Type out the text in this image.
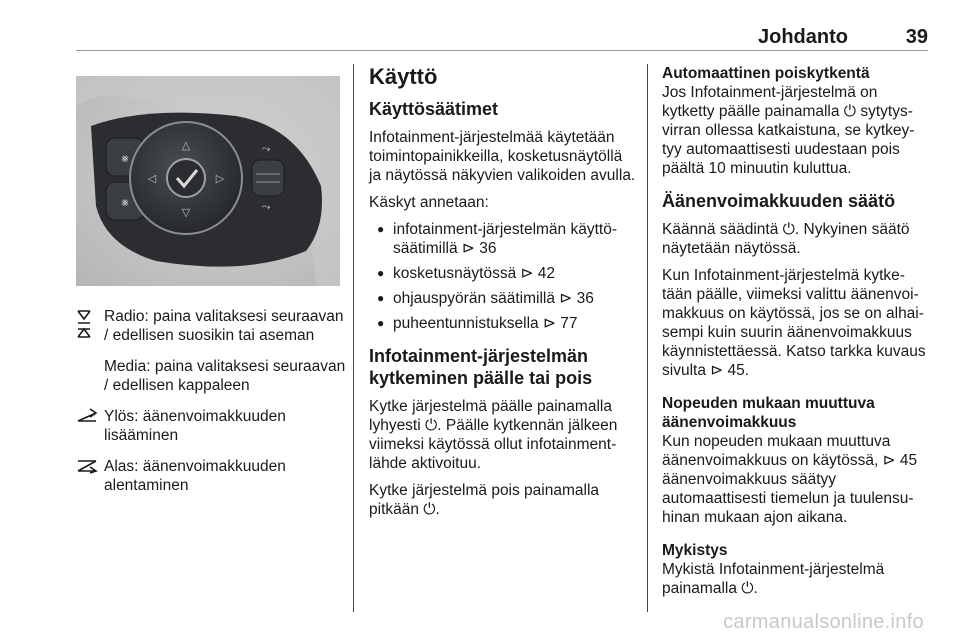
Johdanto	39
⨳
⨳
△
▽
◁	▷
⤳
⤳

Radio: paina valitaksesi seuraavan / edellisen suosikin tai aseman

Media: paina valitaksesi seuraavan / edellisen kappaleen

Ylös: äänenvoimakkuuden lisääminen

Alas: äänenvoimakkuuden alentaminen

Käyttö
Käyttösäätimet

Infotainment-järjestelmää käytetään toimintopainikkeilla, kosketusnäytöllä ja näytössä näkyvien valikoiden avulla.

Käskyt annetaan:

● infotainment-järjestelmän käyttö- säätimillä ⊳ 36
● kosketusnäytössä ⊳ 42
● ohjauspyörän säätimillä ⊳ 36
● puheentunnistuksella ⊳ 77
Infotainment-järjestelmän kytkeminen päälle tai pois

Kytke järjestelmä päälle painamalla lyhyesti ⏻. Päälle kytkennän jälkeen viimeksi käytössä ollut infotainment- lähde aktivoituu.

Kytke järjestelmä pois painamalla pitkään ⏻.

Automaattinen poiskytkentä

Jos Infotainment-järjestelmä on kytketty päälle painamalla ⏻ sytytys- virran ollessa katkaistuna, se kytkey- tyy automaattisesti uudestaan pois päältä 10 minuutin kuluttua.

Äänenvoimakkuuden säätö

Käännä säädintä ⏻. Nykyinen säätö näytetään näytössä.

Kun Infotainment-järjestelmä kytke- tään päälle, viimeksi valittu äänenvoi- makkuus on käytössä, jos se on alhai- sempi kuin suurin äänenvoimakkuus käynnistettäessä. Katso tarkka kuvaus sivulta ⊳ 45.

Nopeuden mukaan muuttuva äänenvoimakkuus

Kun nopeuden mukaan muuttuva äänenvoimakkuus on käytössä, ⊳ 45 äänenvoimakkuus säätyy automaattisesti tiemelun ja tuulensu- hinan mukaan ajon aikana.

Mykistys

Mykistä Infotainment-järjestelmä painamalla ⏻.

carmanualsonline.info
